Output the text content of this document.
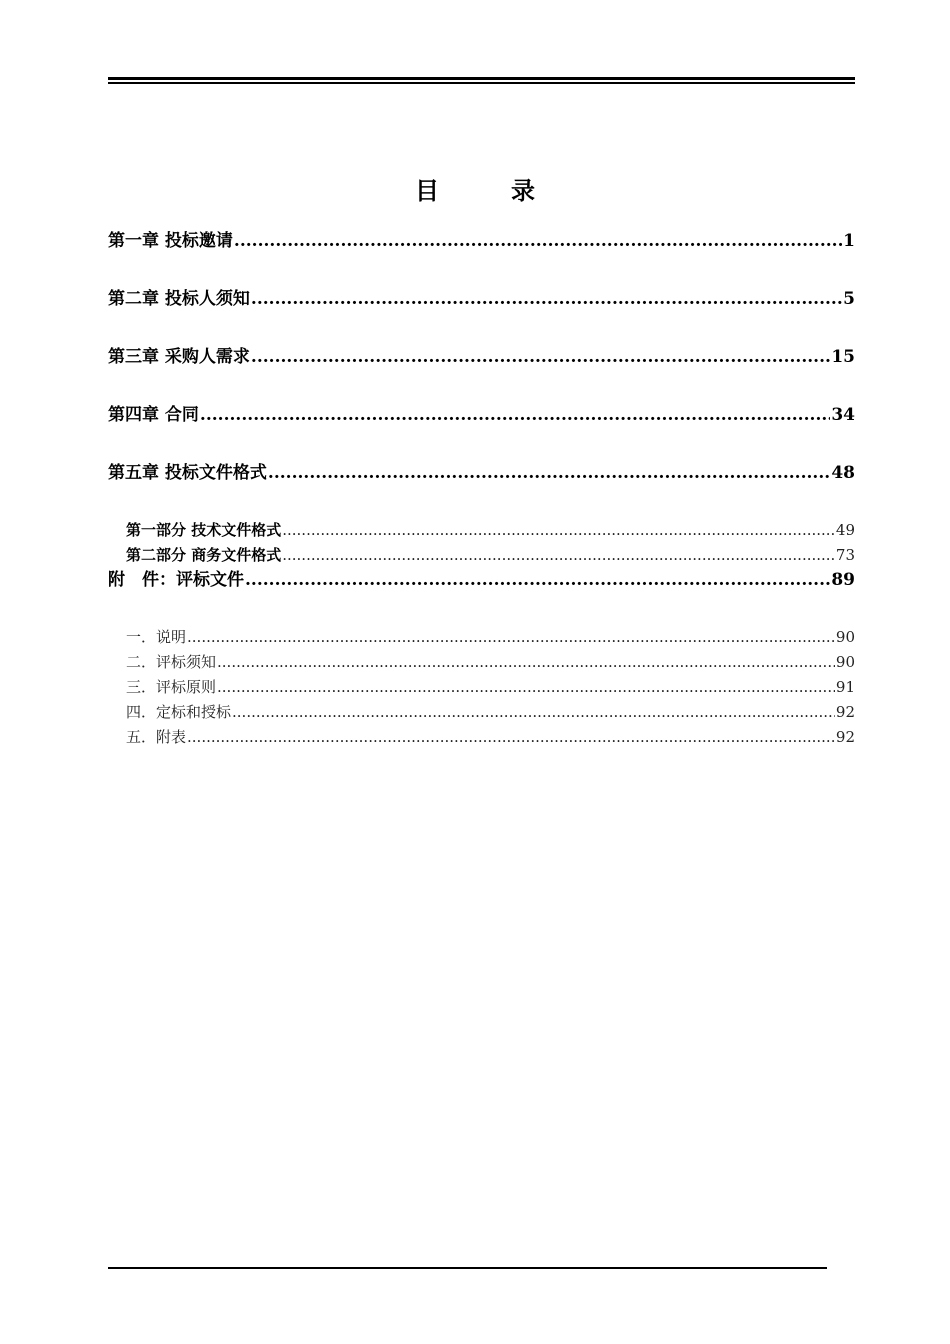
目　录
第一章 投标邀请 .....	1
第二章 投标人须知 .....	5
第三章 采购人需求 .....	15
第四章 合同 .....	34
第五章 投标文件格式 .....	48
第一部分 技术文件格式 .....	49
第二部分 商务文件格式 .....	73
附　件：评标文件 .....	89
一．说明 .....	90
二．评标须知 .....	90
三．评标原则 .....	91
四．定标和授标 .....	92
五．附表 .....	92
